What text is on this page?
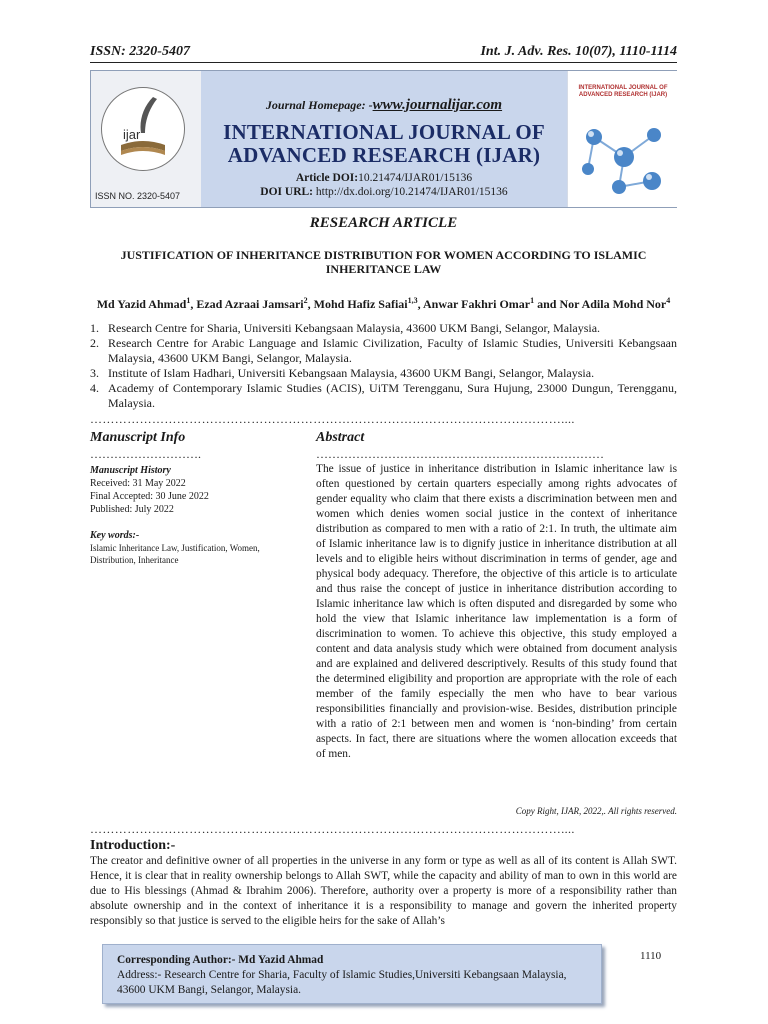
ISSN: 2320-5407	Int. J. Adv. Res. 10(07), 1110-1114
ijar
ISSN NO. 2320-5407
Journal Homepage: -www.journalijar.com
INTERNATIONAL JOURNAL OF
ADVANCED RESEARCH (IJAR)
Article DOI:10.21474/IJAR01/15136
DOI URL: http://dx.doi.org/10.21474/IJAR01/15136
INTERNATIONAL JOURNAL OF ADVANCED RESEARCH (IJAR)
RESEARCH ARTICLE
JUSTIFICATION OF INHERITANCE DISTRIBUTION FOR WOMEN ACCORDING TO ISLAMIC INHERITANCE LAW
Md Yazid Ahmad$^1$, Ezad Azraai Jamsari$^2$, Mohd Hafiz Safiai$^{1,3}$, Anwar Fakhri Omar$^1$ and Nor Adila Mohd Nor$^4$
1. Research Centre for Sharia, Universiti Kebangsaan Malaysia, 43600 UKM Bangi, Selangor, Malaysia.
2. Research Centre for Arabic Language and Islamic Civilization, Faculty of Islamic Studies, Universiti Kebangsaan Malaysia, 43600 UKM Bangi, Selangor, Malaysia.
3. Institute of Islam Hadhari, Universiti Kebangsaan Malaysia, 43600 UKM Bangi, Selangor, Malaysia.
4. Academy of Contemporary Islamic Studies (ACIS), UiTM Terengganu, Sura Hujung, 23000 Dungun, Terengganu, Malaysia.
……………………………………………………………………………………………………....
Manuscript Info	Abstract
……………………….	………………………………………………………………
Manuscript History
Received: 31 May 2022
Final Accepted: 30 June 2022
Published: July 2022
Key words:-
Islamic Inheritance Law, Justification, Women, Distribution, Inheritance

The issue of justice in inheritance distribution in Islamic inheritance law is often questioned by certain quarters especially among rights advocates of gender equality who claim that there exists a discrimination between men and women which denies women social justice in the context of inheritance distribution as compared to men with a ratio of 2:1. In truth, the ultimate aim of Islamic inheritance law is to dignify justice in inheritance distribution at all levels and to eligible heirs without discrimination in terms of gender, age and physical body adequacy. Therefore, the objective of this article is to articulate and thus raise the concept of justice in inheritance distribution according to Islamic inheritance law which is often disputed and disregarded by some who hold the view that Islamic inheritance law implementation is a form of discrimination to women. To achieve this objective, this study employed a content and data analysis study which were obtained from document analysis and are explained and delivered descriptively. Results of this study found that the determined eligibility and proportion are appropriate with the role of each member of the family especially the men who have to bear various responsibilities financially and provision-wise. Besides, distribution principle with a ratio of 2:1 between men and women is ‘non-binding’ from certain aspects. In fact, there are situations where the women allocation exceeds that of men.

Copy Right, IJAR, 2022,. All rights reserved.
……………………………………………………………………………………………………....
Introduction:-

The creator and definitive owner of all properties in the universe in any form or type as well as all of its content is Allah SWT. Hence, it is clear that in reality ownership belongs to Allah SWT, while the capacity and ability of man to own in this world are due to His blessings (Ahmad & Ibrahim 2006). Therefore, authority over a property is more of a responsibility rather than absolute ownership and in the context of inheritance it is a responsibility to manage and govern the inherited property responsibly so that justice is served to the eligible heirs for the sake of Allah’s

Corresponding Author:- Md Yazid Ahmad
Address:- Research Centre for Sharia, Faculty of Islamic Studies,Universiti Kebangsaan Malaysia, 43600 UKM Bangi, Selangor, Malaysia.
1110
